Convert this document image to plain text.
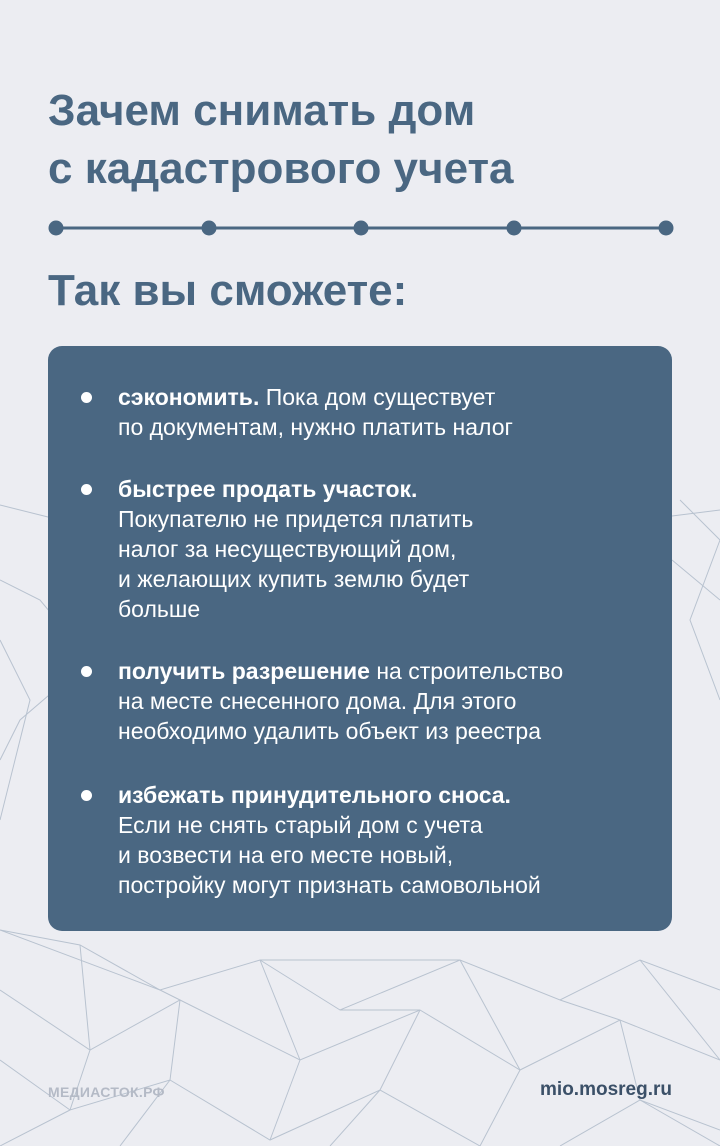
Зачем снимать дом
с кадастрового учета
Так вы сможете:

сэкономить. Пока дом существует

по документам, нужно платить налог

быстрее продать участок.

Покупателю не придется платить

налог за несуществующий дом,

и желающих купить землю будет

больше

получить разрешение на строительство

на месте снесенного дома. Для этого

необходимо удалить объект из реестра

избежать принудительного сноса.

Если не снять старый дом с учета

и возвести на его месте новый,

постройку могут признать самовольной

МЕДИАСТОК.РФ	mio.mosreg.ru
